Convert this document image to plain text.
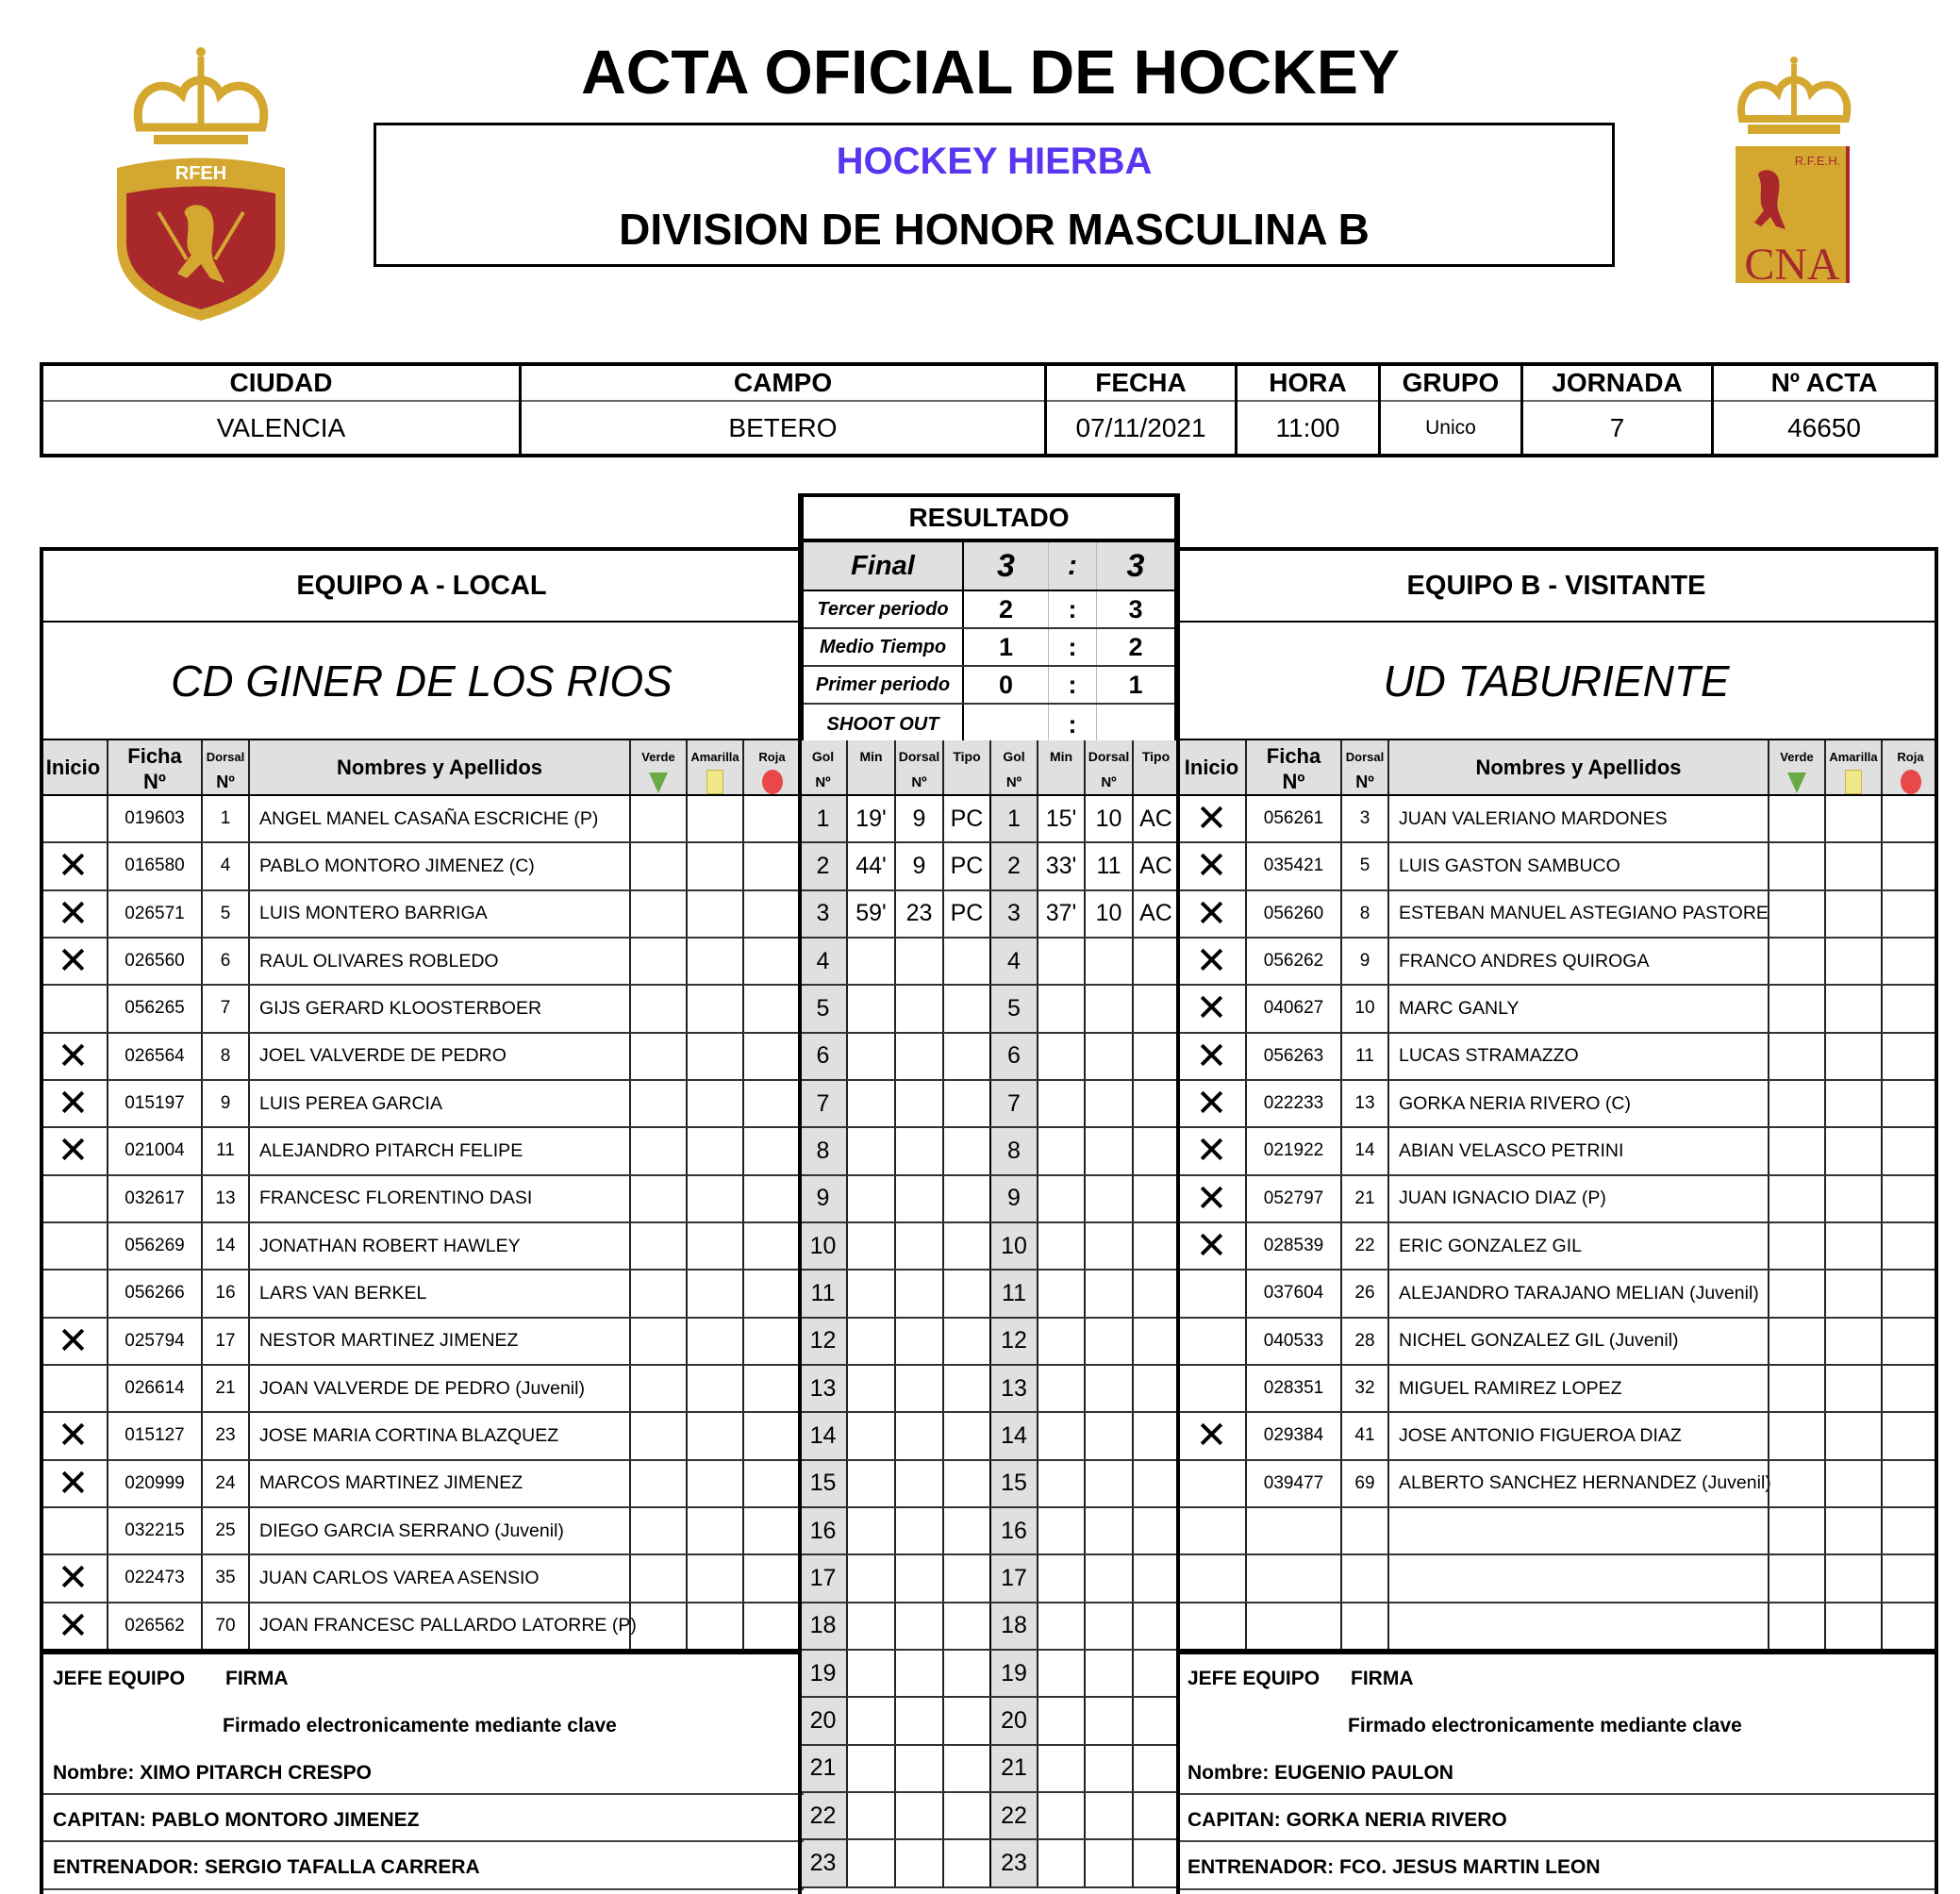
RFEH
R.F.E.H.
CNA
ACTA OFICIAL DE HOCKEY
HOCKEY HIERBA
DIVISION DE HONOR MASCULINA B
CIUDAD
VALENCIA
CAMPO
BETERO
FECHA
07/11/2021
HORA
11:00
GRUPO
Unico
JORNADA
7
Nº ACTA
46650
RESULTADO
Final	3	:	3
Tercer periodo	2	:	3
Medio Tiempo	1	:	2
Primer periodo	0	:	1
SHOOT OUT	:
EQUIPO A - LOCAL
CD GINER DE LOS RIOS
EQUIPO B - VISITANTE
UD TABURIENTE
Inicio	Ficha
Nº
Dorsal
Nº
Nombres y Apellidos	Verde	Amarilla	Roja	Gol
Nº
Min	Dorsal
Nº
Tipo	Gol
Nº
Min	Dorsal
Nº
Tipo Inicio	Ficha
Nº
Dorsal
Nº
Nombres y Apellidos	Verde	Amarilla	Roja
019603	1	ANGEL MANEL CASAÑA ESCRICHE (P)
✕	016580	4	PABLO MONTORO JIMENEZ (C)
✕	026571	5	LUIS MONTERO BARRIGA
✕	026560	6	RAUL OLIVARES ROBLEDO
056265	7	GIJS GERARD KLOOSTERBOER
✕	026564	8	JOEL VALVERDE DE PEDRO
✕	015197	9	LUIS PEREA GARCIA
✕	021004	11	ALEJANDRO PITARCH FELIPE
032617	13	FRANCESC FLORENTINO DASI
056269	14	JONATHAN ROBERT HAWLEY
056266	16	LARS VAN BERKEL
✕	025794	17	NESTOR MARTINEZ JIMENEZ
026614	21	JOAN VALVERDE DE PEDRO (Juvenil)
✕	015127	23	JOSE MARIA CORTINA BLAZQUEZ
✕	020999	24	MARCOS MARTINEZ JIMENEZ
032215	25	DIEGO GARCIA SERRANO (Juvenil)
✕	022473	35	JUAN CARLOS VAREA ASENSIO
✕	026562	70	JOAN FRANCESC PALLARDO LATORRE (P)
1	19'	9	PC	1	15' 10 AC
2	44'	9	PC	2	33' 11 AC
3	59' 23 PC	3	37' 10 AC
4	4
5	5
6	6
7	7
8	8
9	9
10	10
11	11
12	12
13	13
14	14
15	15
16	16
17	17
18	18
19	19
20	20
21	21
22	22
23	23
✕	056261	3	JUAN VALERIANO MARDONES
✕	035421	5	LUIS GASTON SAMBUCO
✕	056260	8	ESTEBAN MANUEL ASTEGIANO PASTORE
✕	056262	9	FRANCO ANDRES QUIROGA
✕	040627	10	MARC GANLY
✕	056263	11	LUCAS STRAMAZZO
✕	022233	13	GORKA NERIA RIVERO (C)
✕	021922	14	ABIAN VELASCO PETRINI
✕	052797	21	JUAN IGNACIO DIAZ (P)
✕	028539	22	ERIC GONZALEZ GIL
037604	26	ALEJANDRO TARAJANO MELIAN (Juvenil)
040533	28	NICHEL GONZALEZ GIL (Juvenil)
028351	32	MIGUEL RAMIREZ LOPEZ
✕	029384	41	JOSE ANTONIO FIGUEROA DIAZ
039477	69	ALBERTO SANCHEZ HERNANDEZ (Juvenil)
JEFE EQUIPO FIRMA
Firmado electronicamente mediante clave
Nombre: XIMO PITARCH CRESPO
CAPITAN: PABLO MONTORO JIMENEZ
ENTRENADOR: SERGIO TAFALLA CARRERA
JEFE EQUIPO FIRMA
Firmado electronicamente mediante clave
Nombre: EUGENIO PAULON
CAPITAN: GORKA NERIA RIVERO
ENTRENADOR: FCO. JESUS MARTIN LEON
